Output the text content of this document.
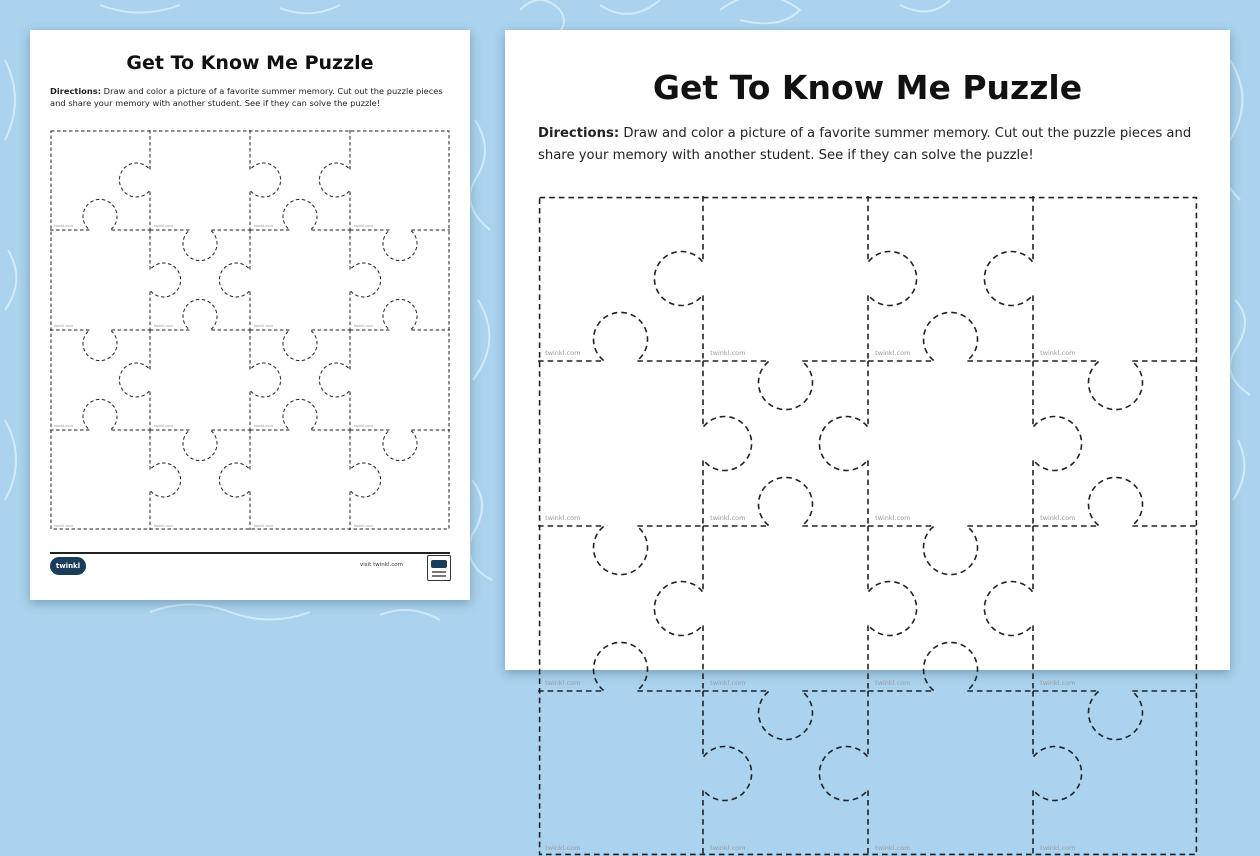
Get To Know Me Puzzle

Directions: Draw and color a picture of a favorite summer memory. Cut out the puzzle pieces and share your memory with another student. See if they can solve the puzzle!

twinkl.com	twinkl.com	twinkl.com	twinkl.com
twinkl.com	twinkl.com	twinkl.com	twinkl.com
twinkl.com	twinkl.com	twinkl.com	twinkl.com
twinkl.com	twinkl.com	twinkl.com	twinkl.com
twinkl	visit twinkl.com
Get To Know Me Puzzle

Directions: Draw and color a picture of a favorite summer memory. Cut out the puzzle pieces and share your memory with another student. See if they can solve the puzzle!

twinkl.com	twinkl.com	twinkl.com	twinkl.com
twinkl.com	twinkl.com	twinkl.com	twinkl.com
twinkl.com	twinkl.com	twinkl.com	twinkl.com
twinkl.com	twinkl.com	twinkl.com	twinkl.com
